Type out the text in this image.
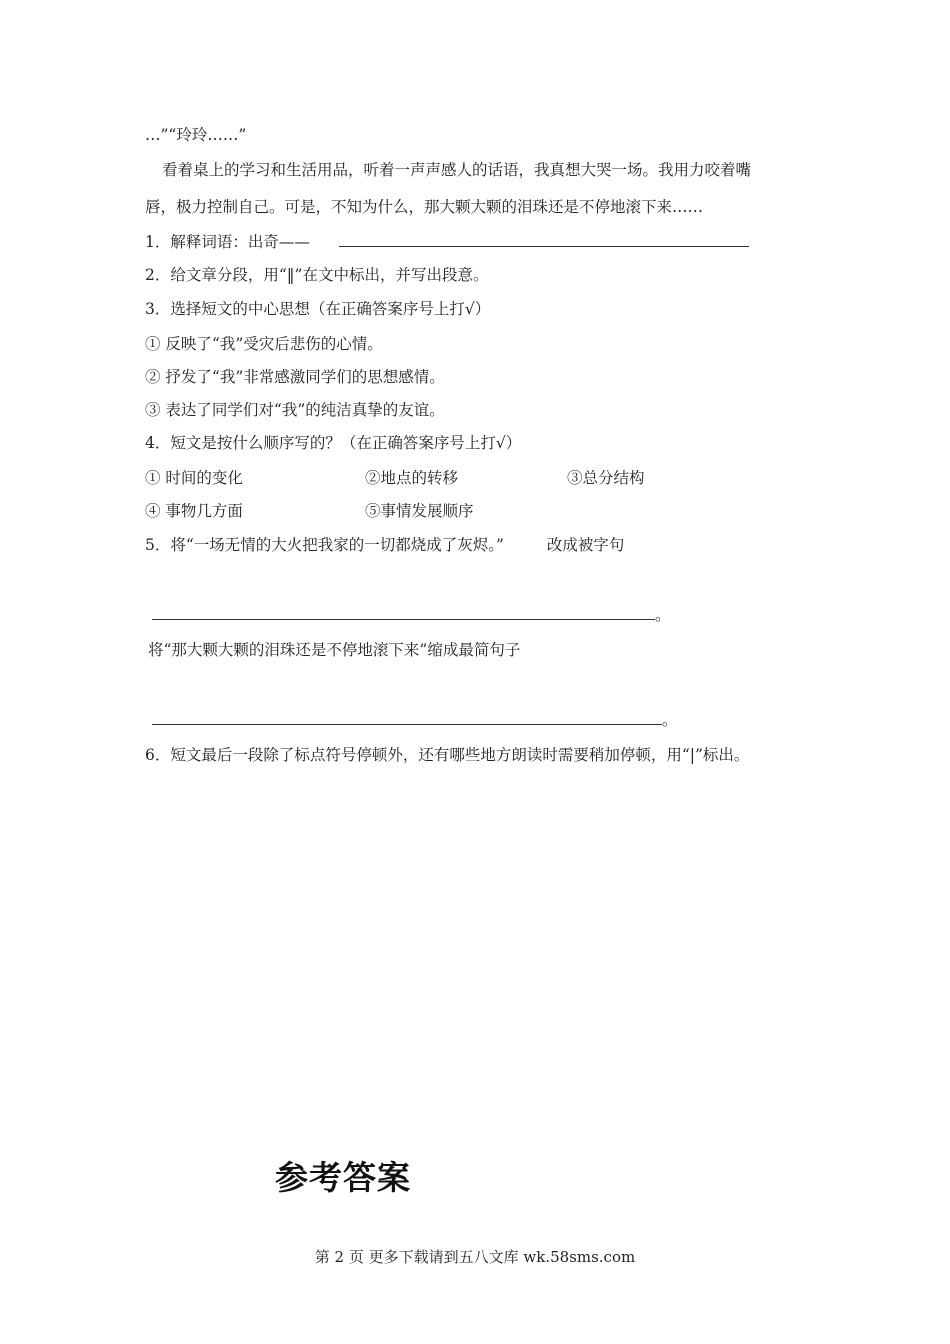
…”“玲玲……”
看着桌上的学习和生活用品，听着一声声感人的话语，我真想大哭一场。我用力咬着嘴
唇，极力控制自己。可是，不知为什么，那大颗大颗的泪珠还是不停地滚下来……
1．解释词语：出奇——
2．给文章分段，用“‖”在文中标出，并写出段意。
3．选择短文的中心思想（在正确答案序号上打√）
① 反映了“我”受灾后悲伤的心情。
② 抒发了“我”非常感激同学们的思想感情。
③ 表达了同学们对“我”的纯洁真挚的友谊。
4．短文是按什么顺序写的？（在正确答案序号上打√）
① 时间的变化	②地点的转移	③总分结构
④ 事物几方面	⑤事情发展顺序
5．将“一场无情的大火把我家的一切都烧成了灰烬。”	改成被字句
。
将“那大颗大颗的泪珠还是不停地滚下来”缩成最简句子
。
6．短文最后一段除了标点符号停顿外，还有哪些地方朗读时需要稍加停顿，用“|”标出。
参考答案
第 2 页 更多下载请到五八文库 wk.58sms.com
